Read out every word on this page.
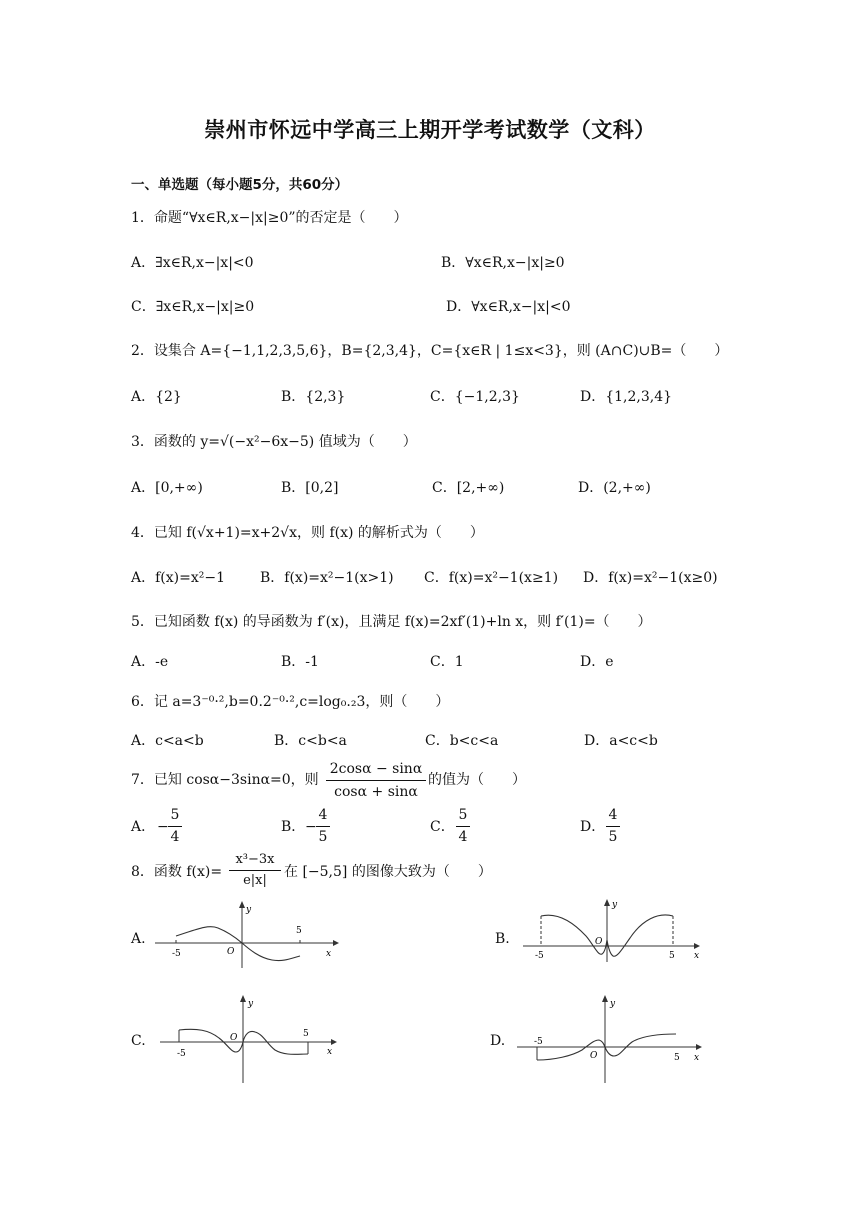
崇州市怀远中学高三上期开学考试数学（文科）
一、单选题（每小题5分，共60分）
1．命题“∀x∈R,x−|x|≥0”的否定是（　　）
A．∃x∈R,x−|x|<0	B．∀x∈R,x−|x|≥0
C．∃x∈R,x−|x|≥0	D．∀x∈R,x−|x|<0
2．设集合 A={−1,1,2,3,5,6}，B={2,3,4}，C={x∈R | 1≤x<3}，则 (A∩C)∪B=（　　）
A．{2}	B．{2,3}	C．{−1,2,3}	D．{1,2,3,4}
3．函数的 y=√(−x²−6x−5) 值域为（　　）
A．[0,+∞)	B．[0,2]	C．[2,+∞)	D．(2,+∞)
4．已知 f(√x+1)=x+2√x，则 f(x) 的解析式为（　　）
A．f(x)=x²−1	B．f(x)=x²−1(x>1) C．f(x)=x²−1(x≥1) D．f(x)=x²−1(x≥0)
5．已知函数 f(x) 的导函数为 f′(x)，且满足 f(x)=2xf′(1)+ln x，则 f′(1)=（　　）
A．-e	B．-1	C．1	D．e
6．记 a=3⁻⁰·²,b=0.2⁻⁰·²,c=log₀.₂3，则（　　）
A．c<a<b	B．c<b<a	C．b<c<a	D．a<c<b
7．已知 cosα−3sinα=0，则
2cosα − sinα
cosα + sinα
的值为（　　）
A． −
5
4
B． −
4
5
C．
5
4
D．
4
5
8．函数 f(x)=
x³−3x
e|x|
在 [−5,5] 的图像大致为（　　）
A.	B.
C.	D.
y
x
O
5
-5
y
x
O
5
-5
y
x
O	5
-5
y
x
O	5
-5
